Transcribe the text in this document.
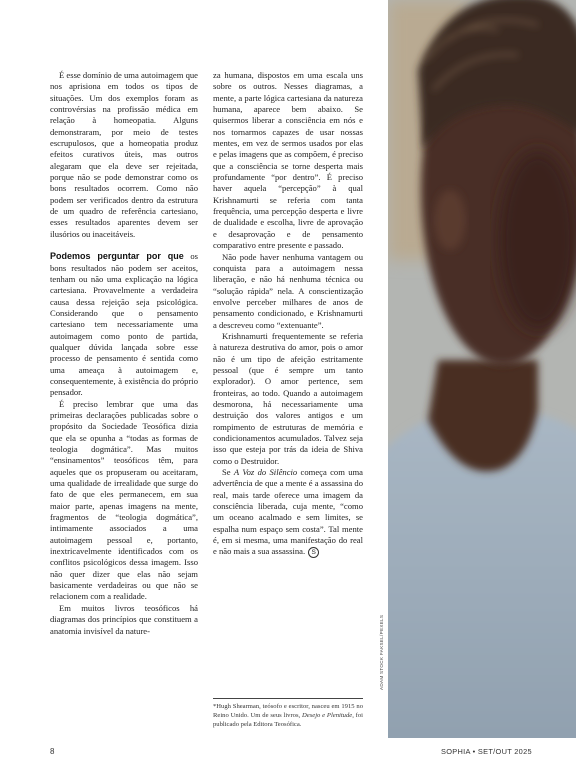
É esse domínio de uma autoimagem que nos aprisiona em todos os tipos de situações. Um dos exemplos foram as controvérsias na profissão médica em relação à homeopatia. Alguns demonstraram, por meio de testes escrupulosos, que a homeopatia produz efeitos curativos úteis, mas outros alegaram que ela deve ser rejeitada, porque não se pode demonstrar como os bons resultados ocorrem. Como não podem ser verificados dentro da estrutura de um quadro de referência cartesiano, esses resultados aparentes devem ser ilusórios ou inaceitáveis.

Podemos perguntar por que os bons resultados não podem ser aceitos, tenham ou não uma explicação na lógica cartesiana. Provavelmente a verdadeira causa dessa rejeição seja psicológica. Considerando que o pensamento cartesiano tem necessariamente uma autoimagem como ponto de partida, qualquer dúvida lançada sobre esse processo de pensamento é sentida como uma ameaça à autoimagem e, consequentemente, à existência do próprio pensador.

É preciso lembrar que uma das primeiras declarações publicadas sobre o propósito da Sociedade Teosófica dizia que ela se opunha a “todas as formas de teologia dogmática”. Mas muitos “ensinamentos” teosóficos têm, para aqueles que os propuseram ou aceitaram, uma qualidade de irrealidade que surge do fato de que eles permanecem, em sua maior parte, apenas imagens na mente, fragmentos de “teologia dogmática”, intimamente associados a uma autoimagem pessoal e, portanto, inextricavelmente identificados com os conflitos psicológicos dessa imagem. Isso não quer dizer que elas não sejam basicamente verdadeiras ou que não se relacionem com a realidade.

Em muitos livros teosóficos há diagramas dos princípios que constituem a anatomia invisível da nature-

za humana, dispostos em uma escala uns sobre os outros. Nesses diagramas, a mente, a parte lógica cartesiana da natureza humana, aparece bem abaixo. Se quisermos liberar a consciência em nós e nos tornarmos capazes de usar nossas mentes, em vez de sermos usados por elas e pelas imagens que as compõem, é preciso que a consciência se torne desperta mais profundamente “por dentro”. É preciso haver aquela “percepção” à qual Krishnamurti se referia com tanta frequência, uma percepção desperta e livre de dualidade e escolha, livre de aprovação e desaprovação e de pensamento comparativo entre presente e passado.

Não pode haver nenhuma vantagem ou conquista para a autoimagem nessa liberação, e não há nenhuma técnica ou “solução rápida” nela. A conscientização envolve perceber milhares de anos de pensamento condicionado, e Krishnamurti a descreveu como “extenuante”.

Krishnamurti frequentemente se referia à natureza destrutiva do amor, pois o amor não é um tipo de afeição estritamente pessoal (que é sempre um tanto explorador). O amor pertence, sem fronteiras, ao todo. Quando a autoimagem desmorona, há necessariamente uma destruição dos valores antigos e um rompimento de estruturas de memória e condicionamentos acumulados. Talvez seja isso que esteja por trás da ideia de Shiva como o Destruidor.

Se A Voz do Silêncio começa com uma advertência de que a mente é a assassina do real, mais tarde oferece uma imagem da consciência liberada, cuja mente, “como um oceano acalmado e sem limites, se espalha num espaço sem costa”. Tal mente é, em si mesma, uma manifestação do real e não mais a sua assassina. S

*Hugh Shearman, teósofo e escritor, nasceu em 1915 no Reino Unido. Um de seus livros, Desejo e Plenitude, foi publicado pela Editora Teosófica.
ADAM STOCK FAKSEL/PEXELS
8	SOPHIA • SET/OUT 2025
